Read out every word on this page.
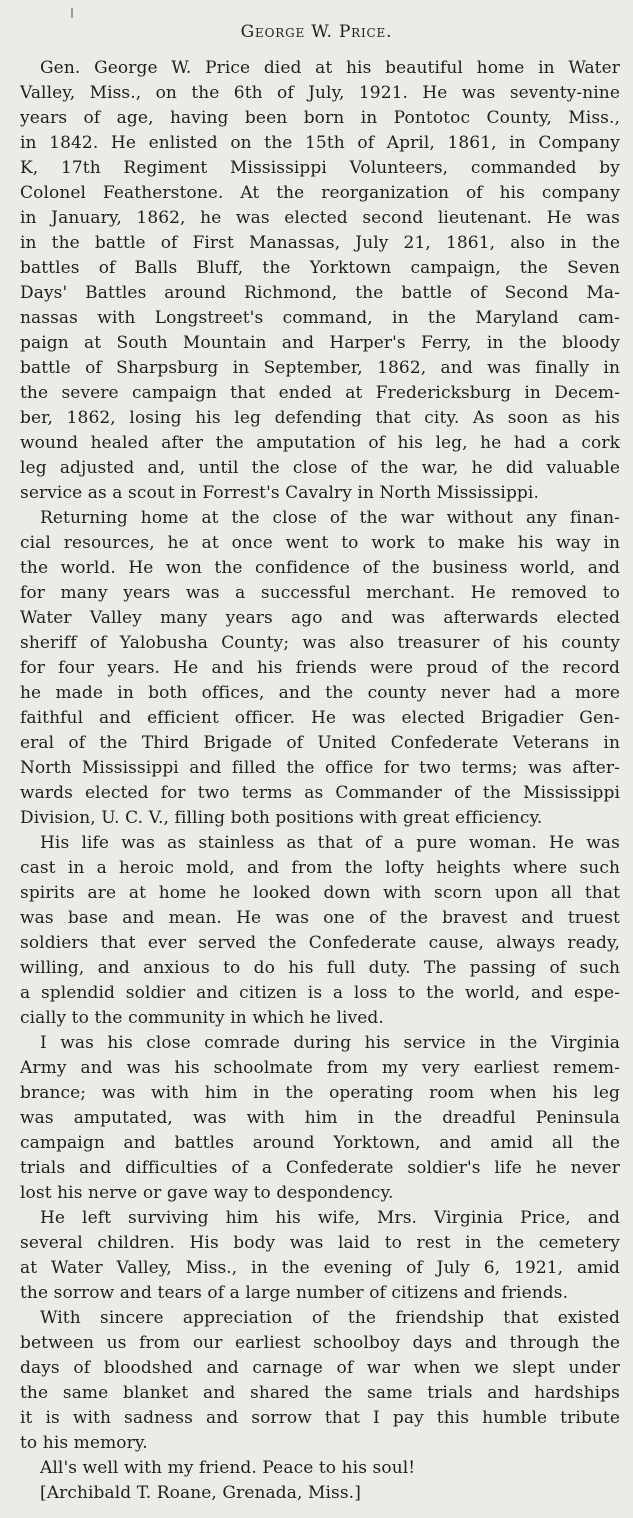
George W. Price.
Gen. George W. Price died at his beautiful home in Water
Valley, Miss., on the 6th of July, 1921. He was seventy-nine
years of age, having been born in Pontotoc County, Miss.,
in 1842. He enlisted on the 15th of April, 1861, in Company
K, 17th Regiment Mississippi Volunteers, commanded by
Colonel Featherstone. At the reorganization of his company
in January, 1862, he was elected second lieutenant. He was
in the battle of First Manassas, July 21, 1861, also in the
battles of Balls Bluff, the Yorktown campaign, the Seven
Days' Battles around Richmond, the battle of Second Ma-
nassas with Longstreet's command, in the Maryland cam-
paign at South Mountain and Harper's Ferry, in the bloody
battle of Sharpsburg in September, 1862, and was finally in
the severe campaign that ended at Fredericksburg in Decem-
ber, 1862, losing his leg defending that city. As soon as his
wound healed after the amputation of his leg, he had a cork
leg adjusted and, until the close of the war, he did valuable
service as a scout in Forrest's Cavalry in North Mississippi.
Returning home at the close of the war without any finan-
cial resources, he at once went to work to make his way in
the world. He won the confidence of the business world, and
for many years was a successful merchant. He removed to
Water Valley many years ago and was afterwards elected
sheriff of Yalobusha County; was also treasurer of his county
for four years. He and his friends were proud of the record
he made in both offices, and the county never had a more
faithful and efficient officer. He was elected Brigadier Gen-
eral of the Third Brigade of United Confederate Veterans in
North Mississippi and filled the office for two terms; was after-
wards elected for two terms as Commander of the Mississippi
Division, U. C. V., filling both positions with great efficiency.
His life was as stainless as that of a pure woman. He was
cast in a heroic mold, and from the lofty heights where such
spirits are at home he looked down with scorn upon all that
was base and mean. He was one of the bravest and truest
soldiers that ever served the Confederate cause, always ready,
willing, and anxious to do his full duty. The passing of such
a splendid soldier and citizen is a loss to the world, and espe-
cially to the community in which he lived.
I was his close comrade during his service in the Virginia
Army and was his schoolmate from my very earliest remem-
brance; was with him in the operating room when his leg
was amputated, was with him in the dreadful Peninsula
campaign and battles around Yorktown, and amid all the
trials and difficulties of a Confederate soldier's life he never
lost his nerve or gave way to despondency.
He left surviving him his wife, Mrs. Virginia Price, and
several children. His body was laid to rest in the cemetery
at Water Valley, Miss., in the evening of July 6, 1921, amid
the sorrow and tears of a large number of citizens and friends.
With sincere appreciation of the friendship that existed
between us from our earliest schoolboy days and through the
days of bloodshed and carnage of war when we slept under
the same blanket and shared the same trials and hardships
it is with sadness and sorrow that I pay this humble tribute
to his memory.
All's well with my friend. Peace to his soul!
[Archibald T. Roane, Grenada, Miss.]
